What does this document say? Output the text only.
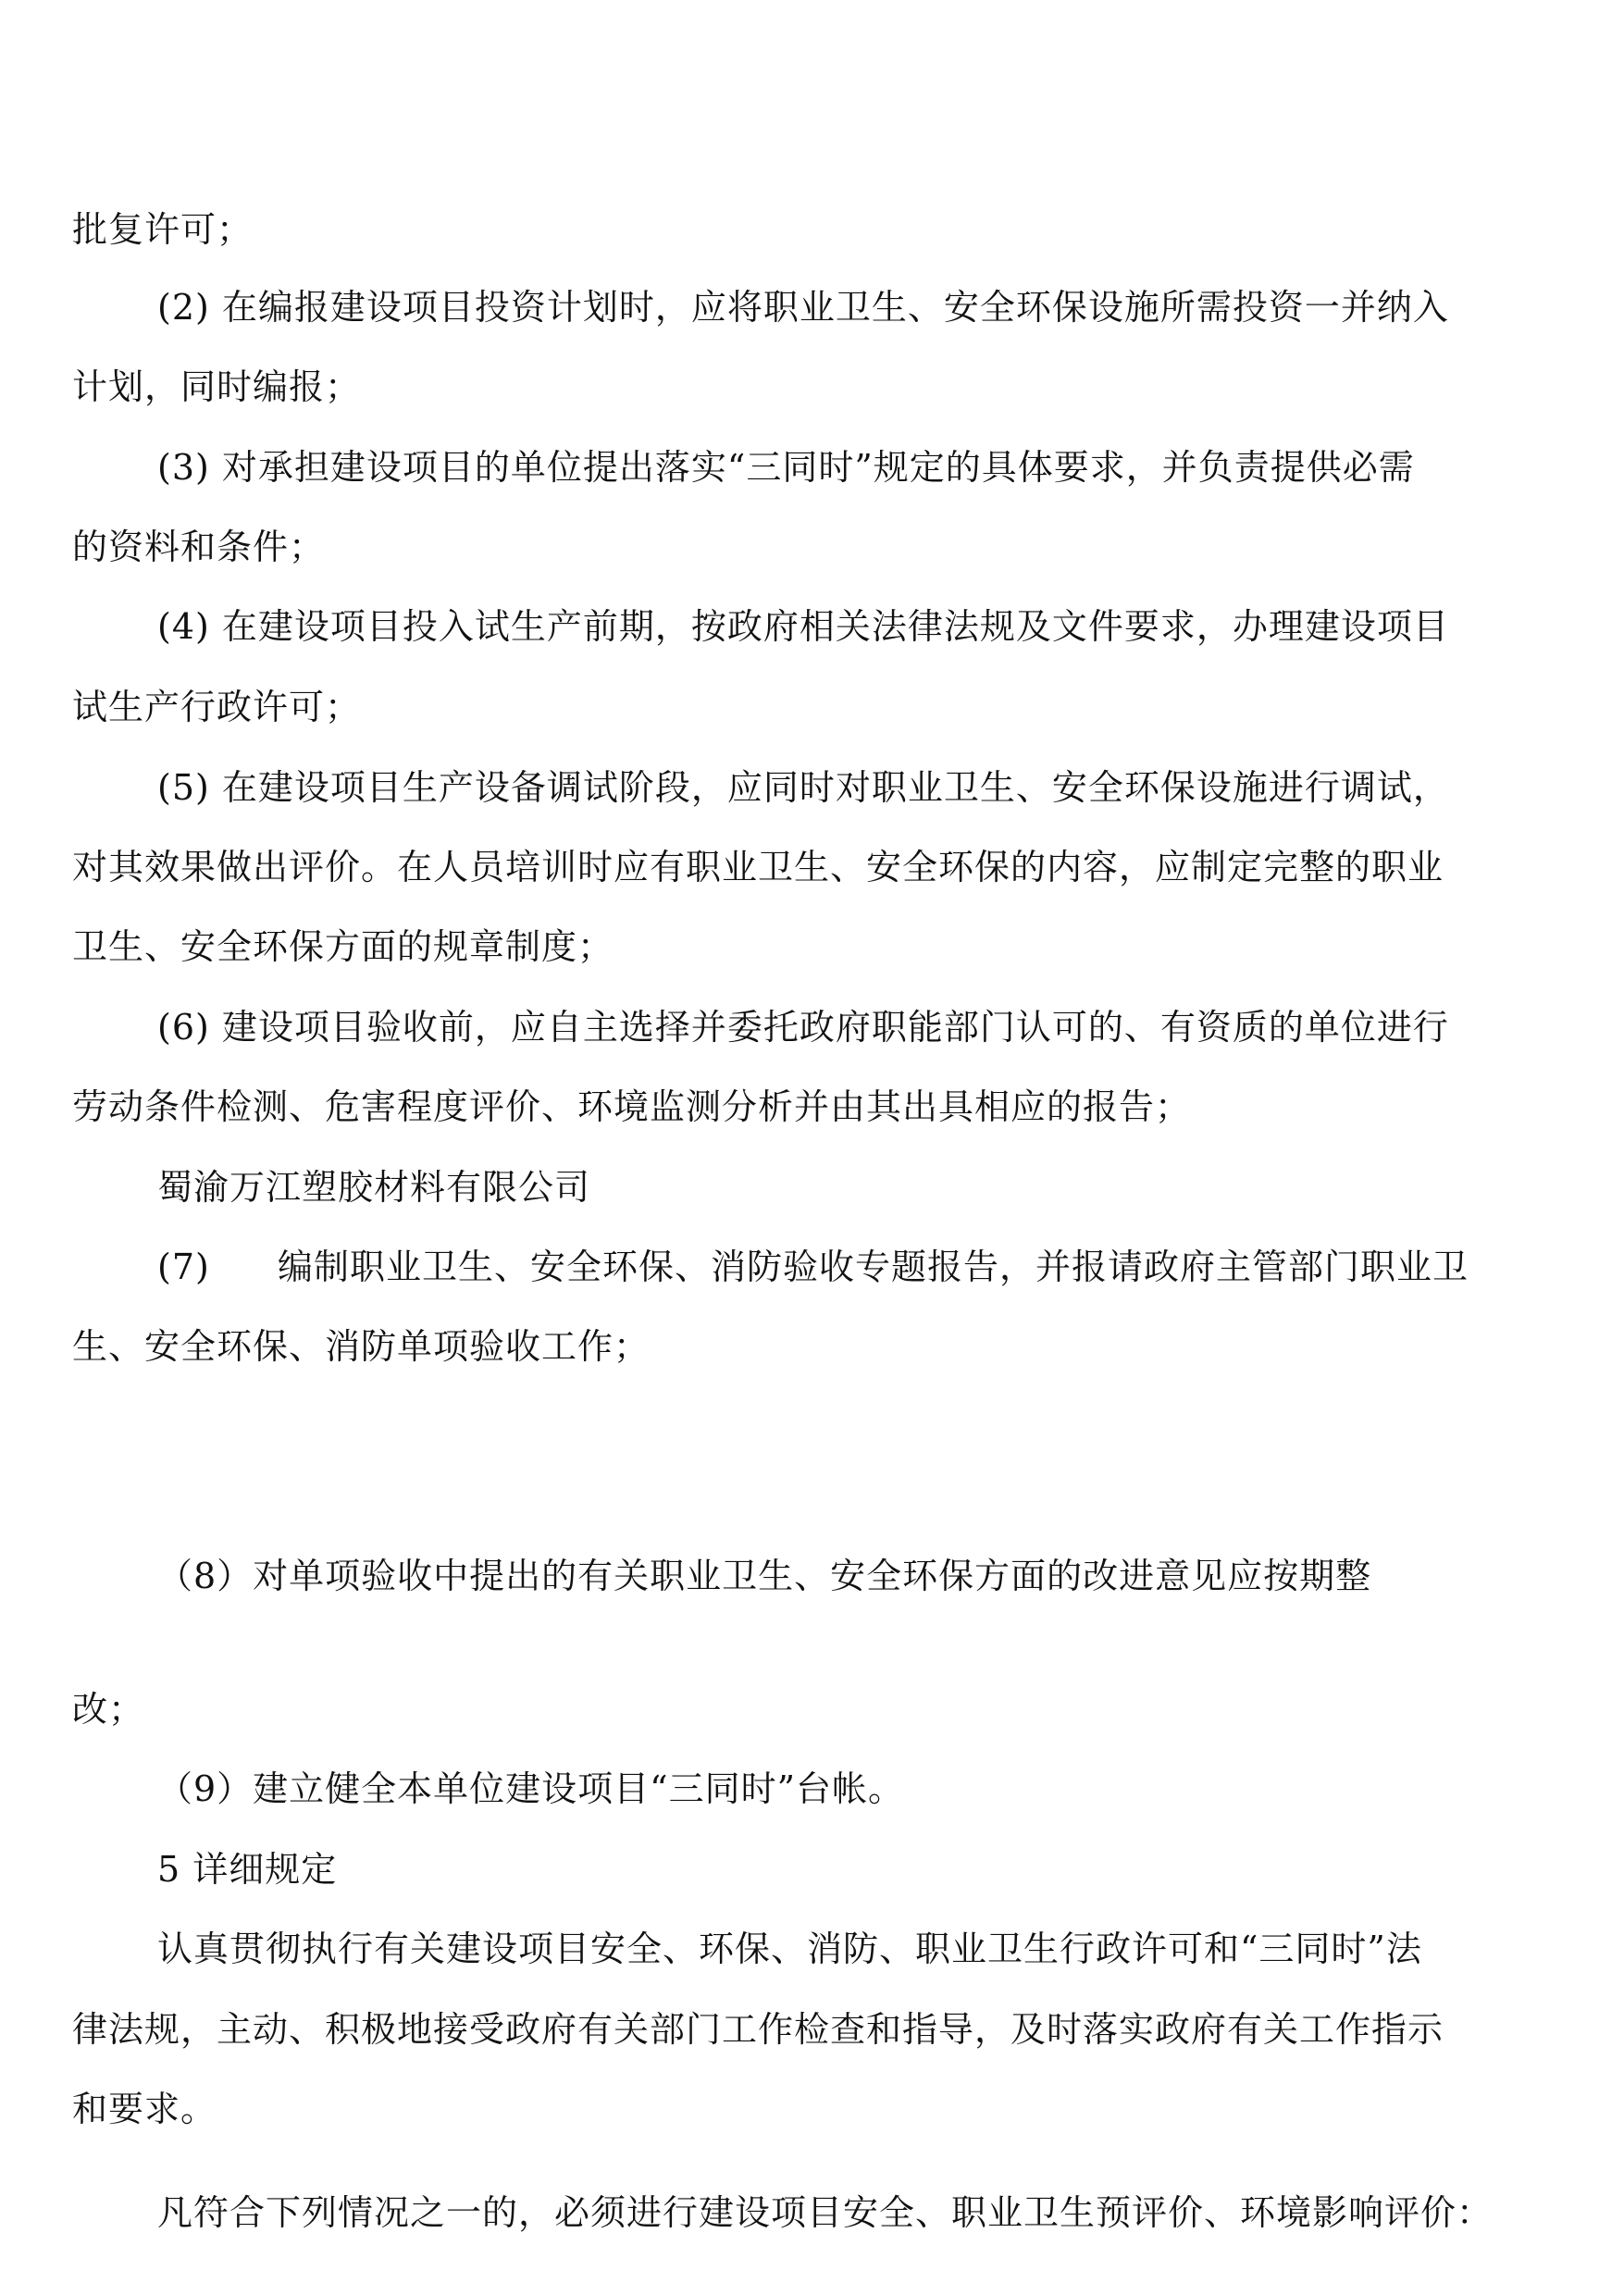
批复许可；
(2) 在编报建设项目投资计划时，应将职业卫生、安全环保设施所需投资一并纳入
计划，同时编报；
(3) 对承担建设项目的单位提出落实“三同时”规定的具体要求，并负责提供必需
的资料和条件；
(4) 在建设项目投入试生产前期，按政府相关法律法规及文件要求，办理建设项目
试生产行政许可；
(5) 在建设项目生产设备调试阶段，应同时对职业卫生、安全环保设施进行调试，
对其效果做出评价。在人员培训时应有职业卫生、安全环保的内容，应制定完整的职业
卫生、安全环保方面的规章制度；
(6) 建设项目验收前，应自主选择并委托政府职能部门认可的、有资质的单位进行
劳动条件检测、危害程度评价、环境监测分析并由其出具相应的报告；
蜀渝万江塑胶材料有限公司
(7) 编制职业卫生、安全环保、消防验收专题报告，并报请政府主管部门职业卫
生、安全环保、消防单项验收工作；
（8）对单项验收中提出的有关职业卫生、安全环保方面的改进意见应按期整
改；
（9）建立健全本单位建设项目“三同时”台帐。
5 详细规定
认真贯彻执行有关建设项目安全、环保、消防、职业卫生行政许可和“三同时”法
律法规，主动、积极地接受政府有关部门工作检查和指导，及时落实政府有关工作指示
和要求。
凡符合下列情况之一的，必须进行建设项目安全、职业卫生预评价、环境影响评价：
